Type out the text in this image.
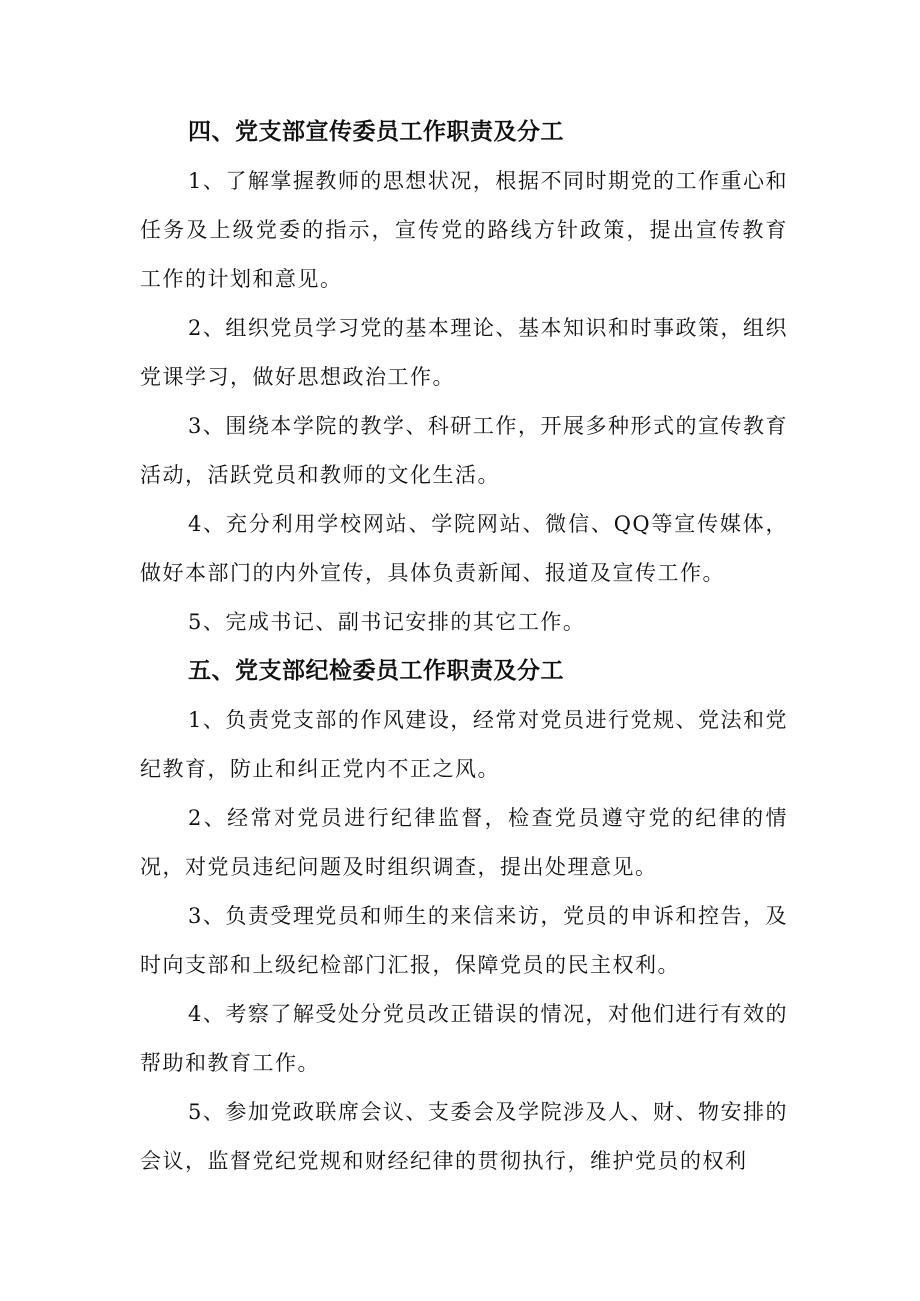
四、党支部宣传委员工作职责及分工

1、了解掌握教师的思想状况，根据不同时期党的工作重心和任务及上级党委的指示，宣传党的路线方针政策，提出宣传教育工作的计划和意见。

2、组织党员学习党的基本理论、基本知识和时事政策，组织党课学习，做好思想政治工作。

3、围绕本学院的教学、科研工作，开展多种形式的宣传教育活动，活跃党员和教师的文化生活。

4、充分利用学校网站、学院网站、微信、QQ等宣传媒体，做好本部门的内外宣传，具体负责新闻、报道及宣传工作。

5、完成书记、副书记安排的其它工作。

五、党支部纪检委员工作职责及分工

1、负责党支部的作风建设，经常对党员进行党规、党法和党纪教育，防止和纠正党内不正之风。

2、经常对党员进行纪律监督，检查党员遵守党的纪律的情况，对党员违纪问题及时组织调查，提出处理意见。

3、负责受理党员和师生的来信来访，党员的申诉和控告，及时向支部和上级纪检部门汇报，保障党员的民主权利。

4、考察了解受处分党员改正错误的情况，对他们进行有效的帮助和教育工作。

5、参加党政联席会议、支委会及学院涉及人、财、物安排的会议，监督党纪党规和财经纪律的贯彻执行，维护党员的权利
